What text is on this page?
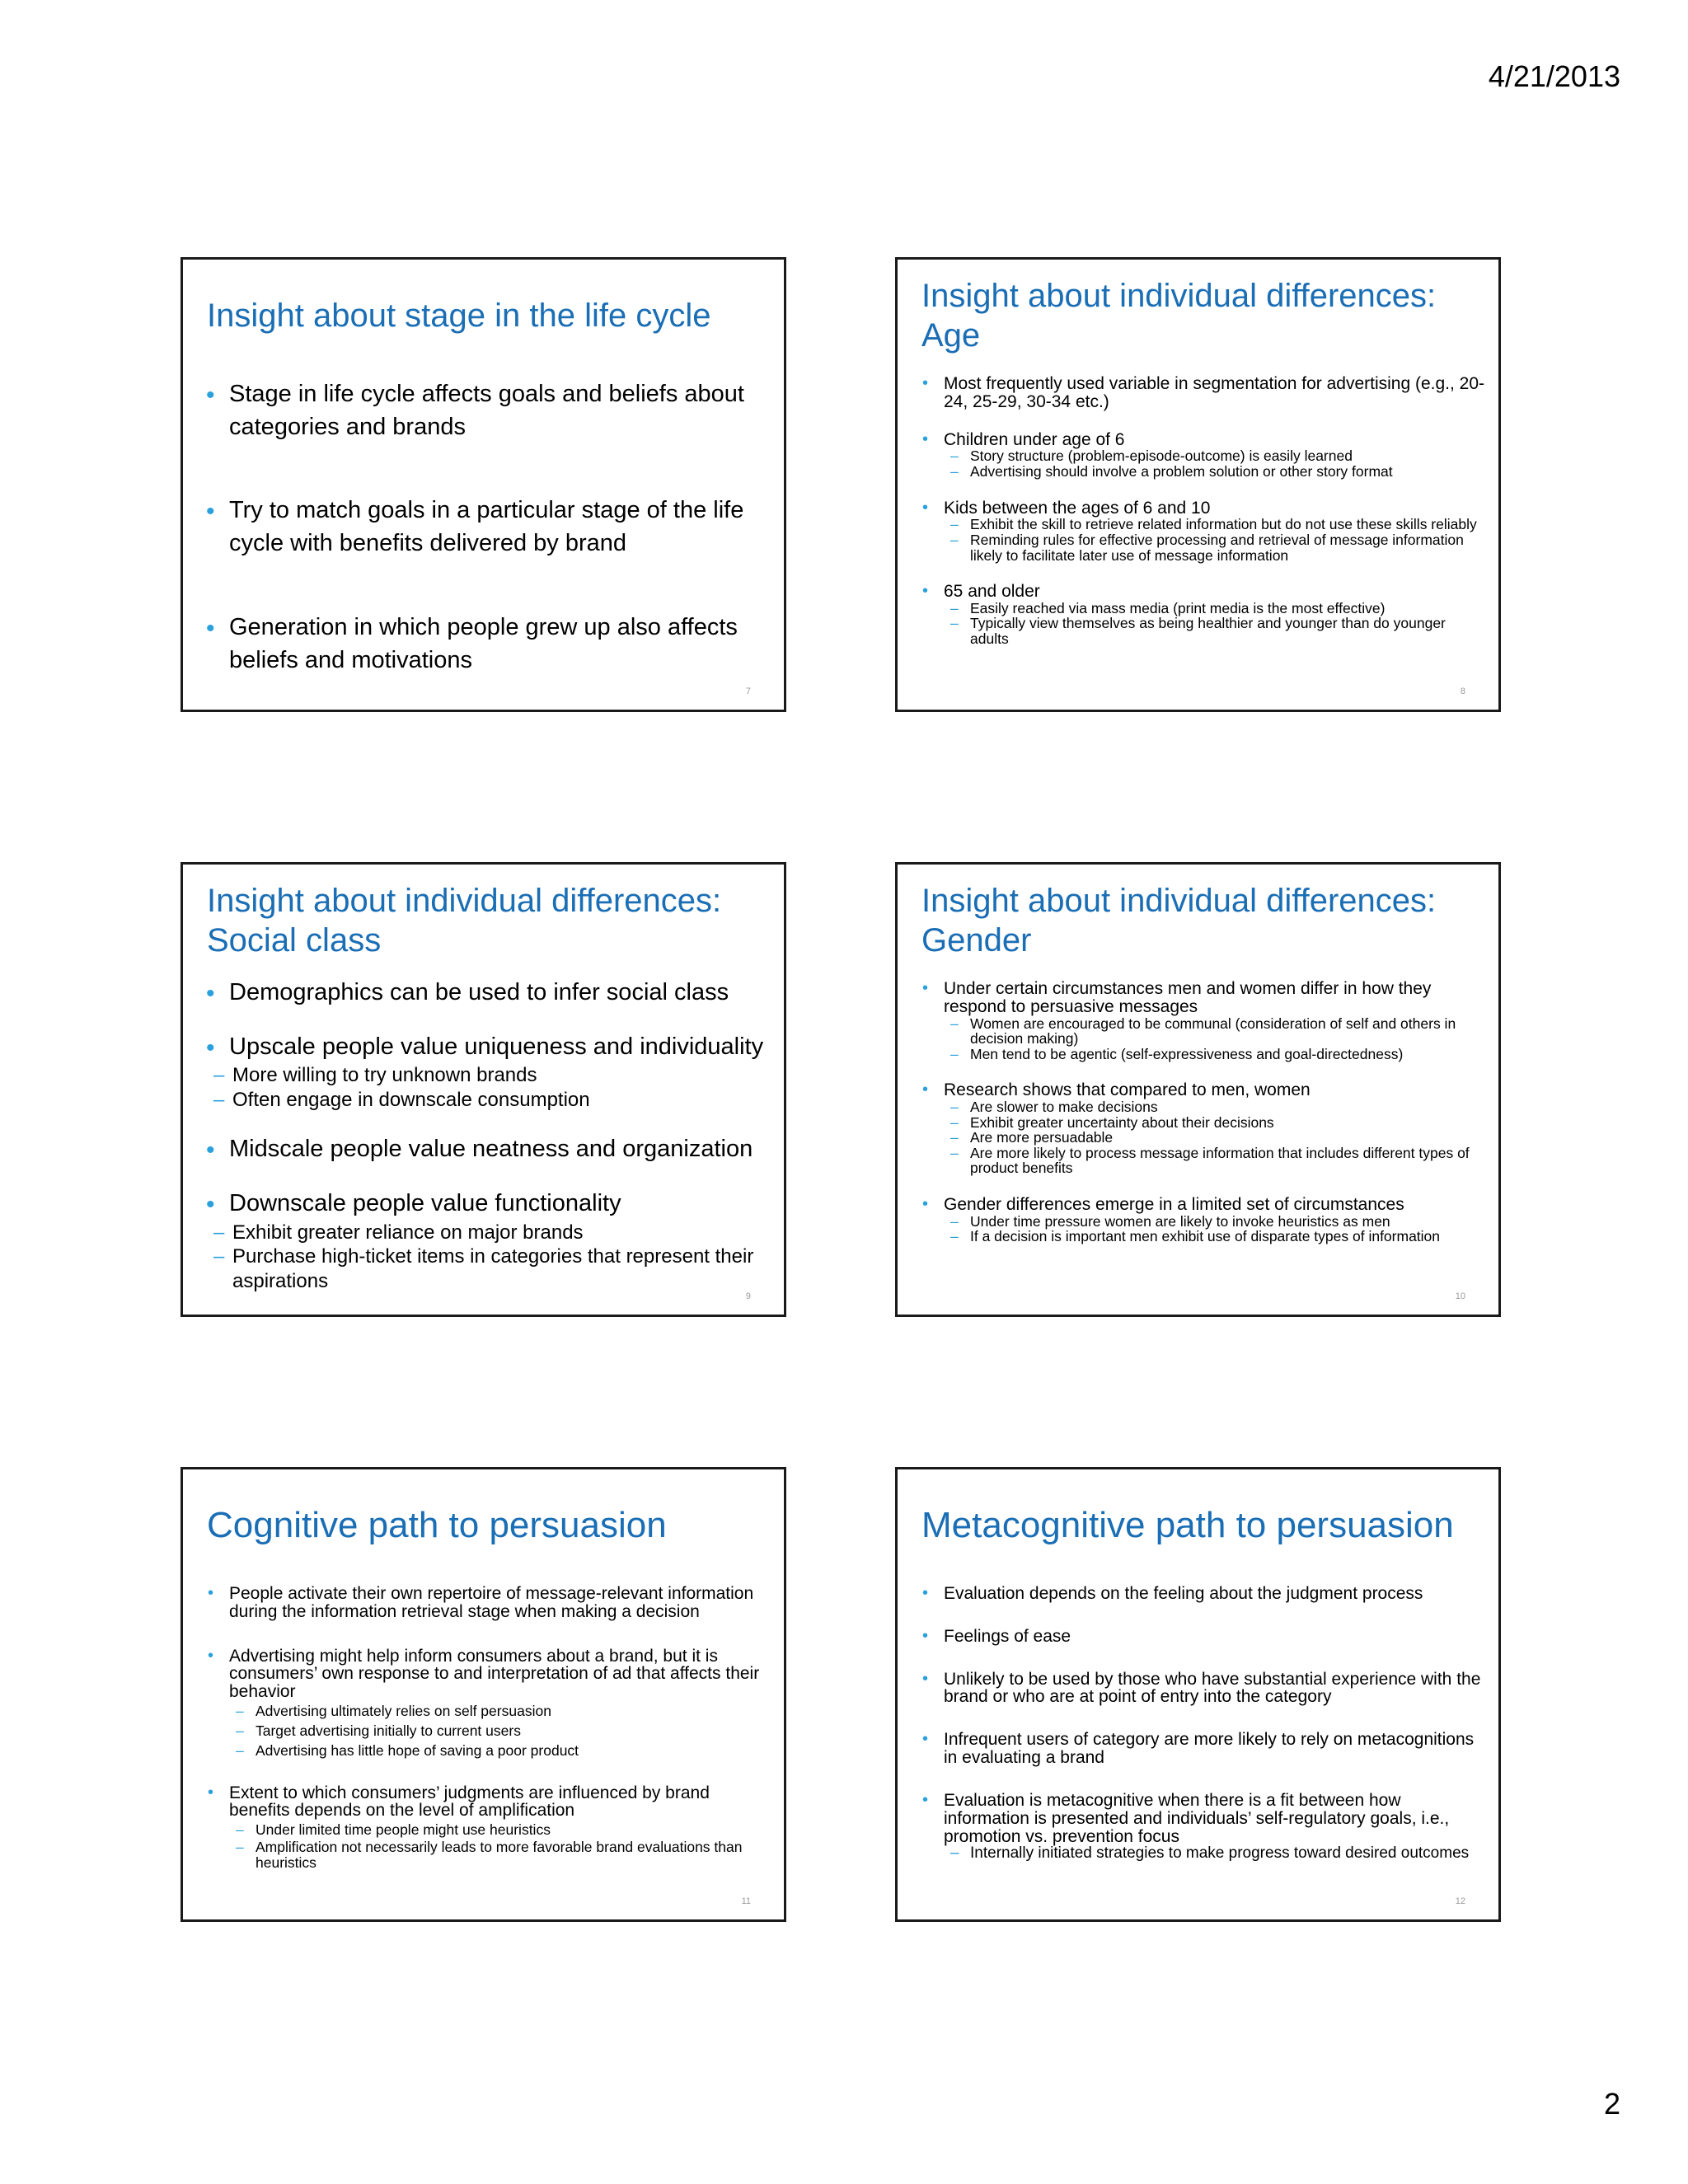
4/21/2013
Insight about stage in the life cycle
• Stage in life cycle affects goals and beliefs about categories and brands
• Try to match goals in a particular stage of the life cycle with benefits delivered by brand
• Generation in which people grew up also affects beliefs and motivations
7
Insight about individual differences: Age
• Most frequently used variable in segmentation for advertising (e.g., 20-24, 25-29, 30-34 etc.)
• Children under age of 6
– Story structure (problem-episode-outcome) is easily learned
– Advertising should involve a problem solution or other story format
• Kids between the ages of 6 and 10
– Exhibit the skill to retrieve related information but do not use these skills reliably
– Reminding rules for effective processing and retrieval of message information likely to facilitate later use of message information
• 65 and older
– Easily reached via mass media (print media is the most effective)
– Typically view themselves as being healthier and younger than do younger adults
8
Insight about individual differences: Social class
• Demographics can be used to infer social class
• Upscale people value uniqueness and individuality
– More willing to try unknown brands
– Often engage in downscale consumption
• Midscale people value neatness and organization
• Downscale people value functionality
– Exhibit greater reliance on major brands
– Purchase high-ticket items in categories that represent their aspirations
9
Insight about individual differences: Gender
• Under certain circumstances men and women differ in how they respond to persuasive messages
– Women are encouraged to be communal (consideration of self and others in decision making)
– Men tend to be agentic (self-expressiveness and goal-directedness)
• Research shows that compared to men, women
– Are slower to make decisions
– Exhibit greater uncertainty about their decisions
– Are more persuadable
– Are more likely to process message information that includes different types of product benefits
• Gender differences emerge in a limited set of circumstances
– Under time pressure women are likely to invoke heuristics as men
– If a decision is important men exhibit use of disparate types of information
10
Cognitive path to persuasion
• People activate their own repertoire of message-relevant information during the information retrieval stage when making a decision
• Advertising might help inform consumers about a brand, but it is consumers’ own response to and interpretation of ad that affects their behavior
– Advertising ultimately relies on self persuasion
– Target advertising initially to current users
– Advertising has little hope of saving a poor product
• Extent to which consumers’ judgments are influenced by brand benefits depends on the level of amplification
– Under limited time people might use heuristics
– Amplification not necessarily leads to more favorable brand evaluations than heuristics
11
Metacognitive path to persuasion
• Evaluation depends on the feeling about the judgment process
• Feelings of ease
• Unlikely to be used by those who have substantial experience with the brand or who are at point of entry into the category
• Infrequent users of category are more likely to rely on metacognitions in evaluating a brand
• Evaluation is metacognitive when there is a fit between how information is presented and individuals’ self-regulatory goals, i.e., promotion vs. prevention focus
– Internally initiated strategies to make progress toward desired outcomes
12
2
